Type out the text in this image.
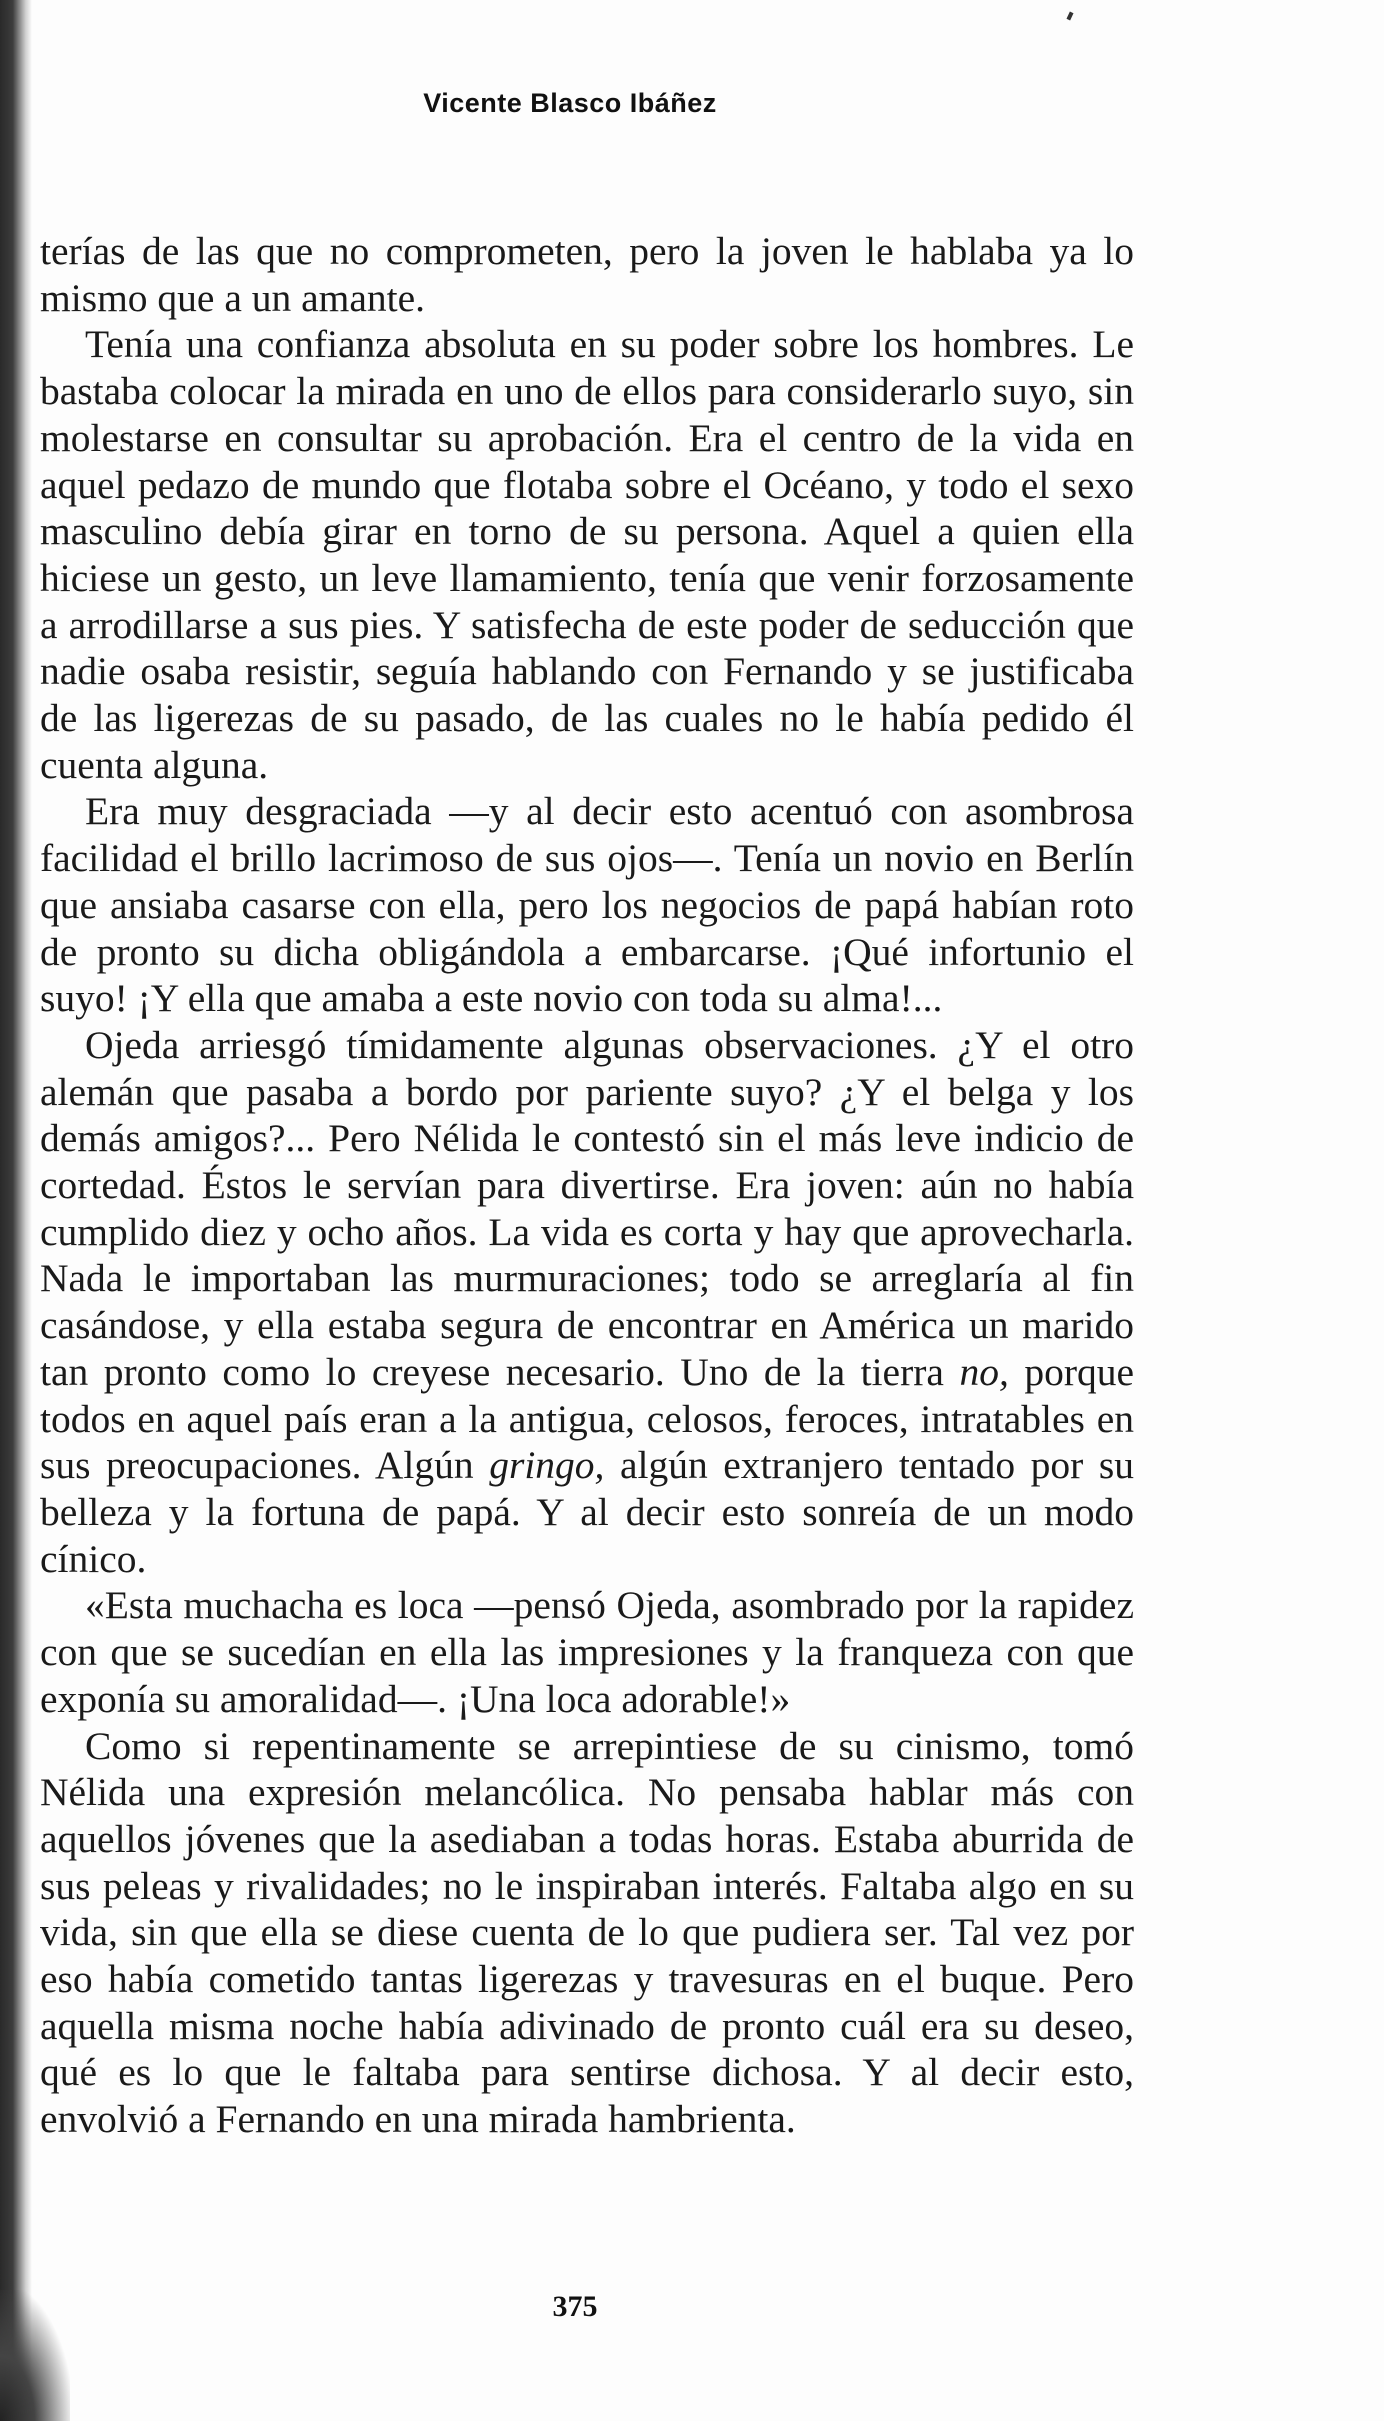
Vicente Blasco Ibáñez

terías de las que no comprometen, pero la joven le hablaba ya lo mismo que a un amante.

Tenía una confianza absoluta en su poder sobre los hombres. Le bastaba colocar la mirada en uno de ellos para considerarlo suyo, sin molestarse en consultar su aprobación. Era el centro de la vida en aquel pedazo de mundo que flotaba sobre el Océano, y todo el sexo masculino debía girar en torno de su persona. Aquel a quien ella hiciese un gesto, un leve llamamiento, tenía que venir forzosamente a arrodillarse a sus pies. Y satisfecha de este poder de seducción que nadie osaba resistir, seguía hablando con Fernando y se justificaba de las ligerezas de su pasado, de las cuales no le había pedido él cuenta alguna.

Era muy desgraciada —y al decir esto acentuó con asombrosa facilidad el brillo lacrimoso de sus ojos—. Tenía un novio en Berlín que ansiaba casarse con ella, pero los negocios de papá habían roto de pronto su dicha obligándola a embarcarse. ¡Qué infortunio el suyo! ¡Y ella que amaba a este novio con toda su alma!...

Ojeda arriesgó tímidamente algunas observaciones. ¿Y el otro alemán que pasaba a bordo por pariente suyo? ¿Y el belga y los demás amigos?... Pero Nélida le contestó sin el más leve indicio de cortedad. Éstos le servían para divertirse. Era joven: aún no había cumplido diez y ocho años. La vida es corta y hay que aprovecharla. Nada le importaban las murmuraciones; todo se arreglaría al fin casándose, y ella estaba segura de encontrar en América un marido tan pronto como lo creyese necesario. Uno de la tierra no, porque todos en aquel país eran a la antigua, celosos, feroces, intratables en sus preocupaciones. Algún gringo, algún extranjero tentado por su belleza y la fortuna de papá. Y al decir esto sonreía de un modo cínico.

«Esta muchacha es loca —pensó Ojeda, asombrado por la rapidez con que se sucedían en ella las impresiones y la franqueza con que exponía su amoralidad—. ¡Una loca adorable!»

Como si repentinamente se arrepintiese de su cinismo, tomó Nélida una expresión melancólica. No pensaba hablar más con aquellos jóvenes que la asediaban a todas horas. Estaba aburrida de sus peleas y rivalidades; no le inspiraban interés. Faltaba algo en su vida, sin que ella se diese cuenta de lo que pudiera ser. Tal vez por eso había cometido tantas ligerezas y travesuras en el buque. Pero aquella misma noche había adivinado de pronto cuál era su deseo, qué es lo que le faltaba para sentirse dichosa. Y al decir esto, envolvió a Fernando en una mirada hambrienta.

375
